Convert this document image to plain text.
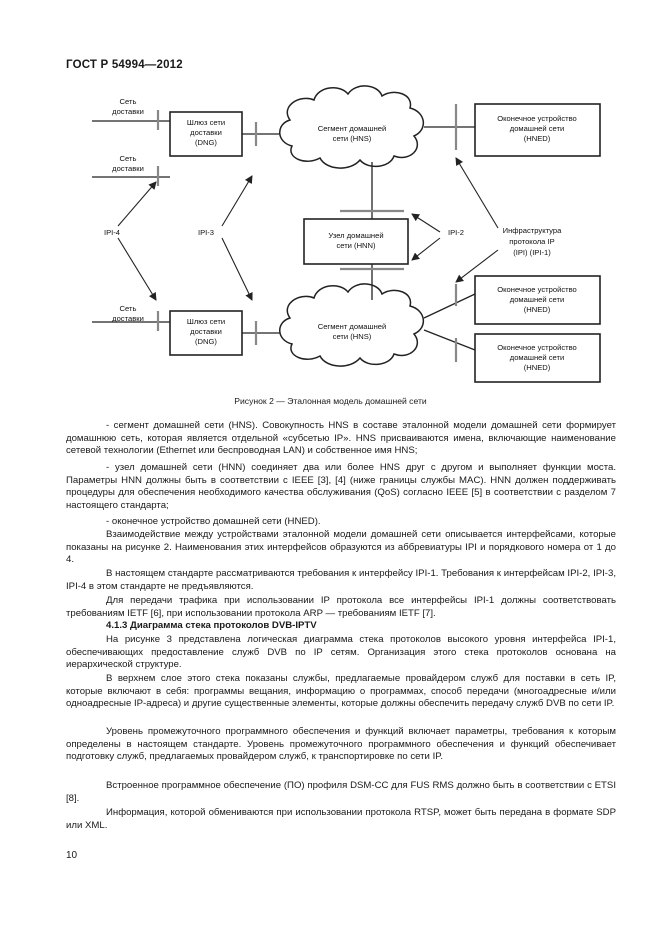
ГОСТ Р 54994—2012
Сеть
доставки
Сеть
доставки
Сеть
доставки
Шлюз сети
доставки
(DNG)
Шлюз сети
доставки
(DNG)
Сегмент домашней
сети (HNS)
Сегмент домашней
сети (HNS)
Узел домашней
сети (HNN)
Оконечное устройство
домашней сети
(HNED)
Оконечное устройство
домашней сети
(HNED)
Оконечное устройство
домашней сети
(HNED)
IPI-4	IPI-3	IPI-2	Инфраструктура
протокола IP
(IPI) (IPI-1)
Рисунок 2 — Эталонная модель домашней сети

- сегмент домашней сети (HNS). Совокупность HNS в составе эталонной модели домашней сети формирует домашнюю сеть, которая является отдельной «субсетью IP». HNS присваиваются имена, включающие наименование сетевой технологии (Ethernet или беспроводная LAN) и собственное имя HNS;

- узел домашней сети (HNN) соединяет два или более HNS друг с другом и выполняет функции моста. Параметры HNN должны быть в соответствии с IEEE [3], [4] (ниже границы службы MAC). HNN должен поддерживать процедуры для обеспечения необходимого качества обслуживания (QoS) согласно IEEE [5] в соответствии с разделом 7 настоящего стандарта;

- оконечное устройство домашней сети (HNED).

Взаимодействие между устройствами эталонной модели домашней сети описывается интерфейсами, которые показаны на рисунке 2. Наименования этих интерфейсов образуются из аббревиатуры IPI и порядкового номера от 1 до 4.

В настоящем стандарте рассматриваются требования к интерфейсу IPI-1. Требования к интерфейсам IPI-2, IPI-3, IPI-4 в этом стандарте не предъявляются.

Для передачи трафика при использовании IP протокола все интерфейсы IPI-1 должны соответствовать требованиям IETF [6], при использовании протокола ARP — требованиям IETF [7].

4.1.3 Диаграмма стека протоколов DVB-IPTV

На рисунке 3 представлена логическая диаграмма стека протоколов высокого уровня интерфейса IPI-1, обеспечивающих предоставление служб DVB по IP сетям. Организация этого стека протоколов основана на иерархической структуре.

В верхнем слое этого стека показаны службы, предлагаемые провайдером служб для поставки в сеть IP, которые включают в себя: программы вещания, информацию о программах, способ передачи (многоадресные и/или одноадресные IP-адреса) и другие существенные элементы, которые должны обеспечить передачу служб DVB по сети IP.

Уровень промежуточного программного обеспечения и функций включает параметры, требования к которым определены в настоящем стандарте. Уровень промежуточного программного обеспечения и функций обеспечивает подготовку служб, предлагаемых провайдером служб, к транспортировке по сети IP.

Встроенное программное обеспечение (ПО) профиля DSM-CC для FUS RMS должно быть в соответствии с ETSI [8].

Информация, которой обмениваются при использовании протокола RTSP, может быть передана в формате SDP или XML.

10
